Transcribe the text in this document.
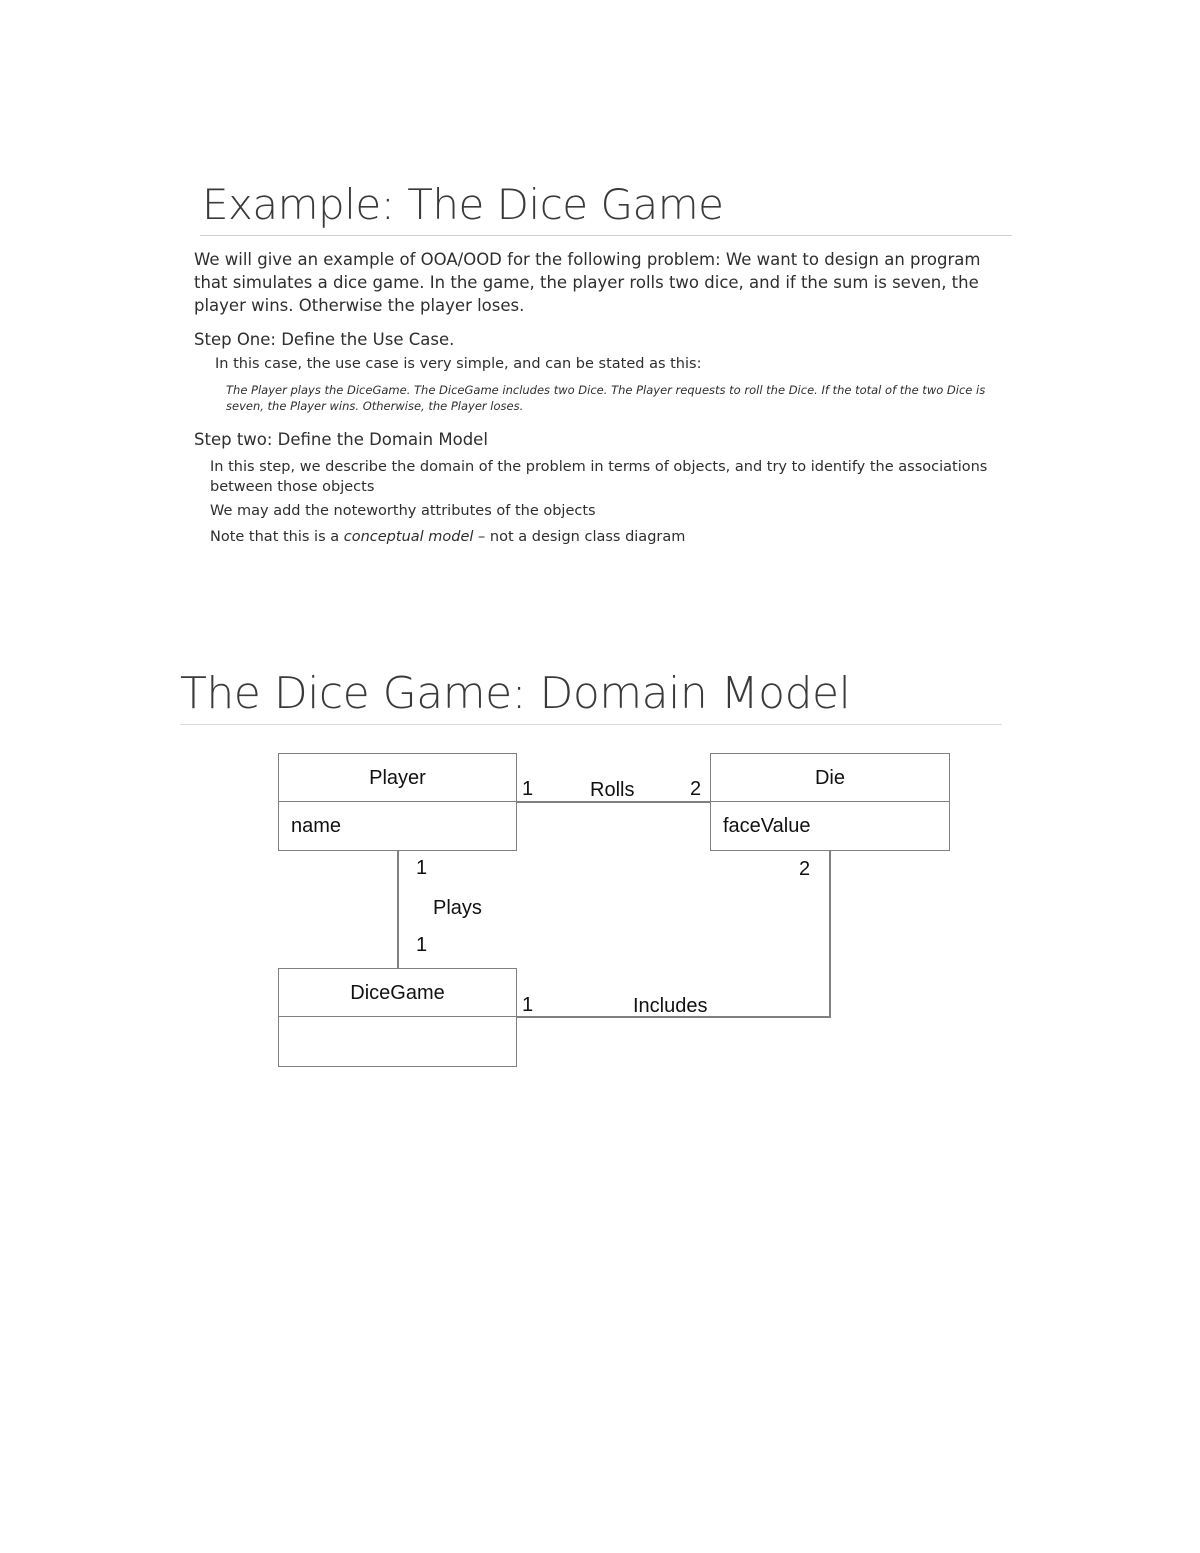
Example: The Dice Game
We will give an example of OOA/OOD for the following problem: We want to design an program that simulates a dice game. In the game, the player rolls two dice, and if the sum is seven, the player wins. Otherwise the player loses.
Step One: Define the Use Case.
In this case, the use case is very simple, and can be stated as this:
The Player plays the DiceGame. The DiceGame includes two Dice. The Player requests to roll the Dice. If the total of the two Dice is seven, the Player wins. Otherwise, the Player loses.
Step two: Define the Domain Model
In this step, we describe the domain of the problem in terms of objects, and try to identify the associations between those objects
We may add the noteworthy attributes of the objects
Note that this is a conceptual model – not a design class diagram
The Dice Game: Domain Model
Player
name
Die
faceValue
DiceGame
1	Rolls	2
1
Plays
1
1	Includes
2
